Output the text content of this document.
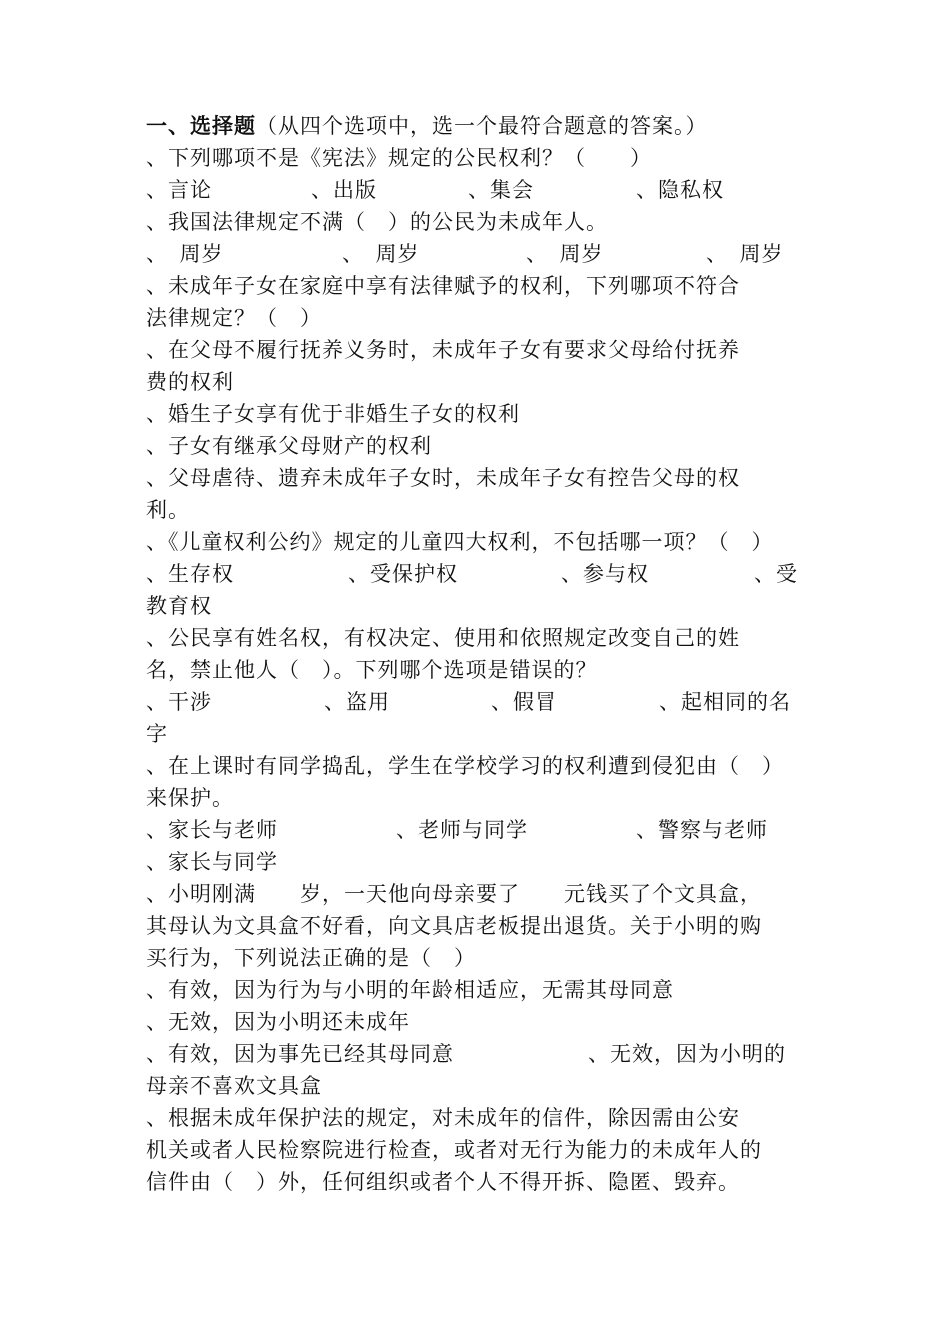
一、选择题（从四个选项中，选一个最符合题意的答案。）
、下列哪项不是《宪法》规定的公民权利？（　　）
、言论	、出版	、集会	、隐私权
、我国法律规定不满（　）的公民为未成年人。
、　周岁	、　周岁	、　周岁	、　周岁
、未成年子女在家庭中享有法律赋予的权利，下列哪项不符合
法律规定？（　）
、在父母不履行抚养义务时，未成年子女有要求父母给付抚养
费的权利
、婚生子女享有优于非婚生子女的权利
、子女有继承父母财产的权利
、父母虐待、遗弃未成年子女时，未成年子女有控告父母的权
利。
、《儿童权利公约》规定的儿童四大权利，不包括哪一项？（　）
、生存权	、受保护权	、参与权	、受
教育权
、公民享有姓名权，有权决定、使用和依照规定改变自己的姓
名，禁止他人（　）。下列哪个选项是错误的？
、干涉	、盗用	、假冒	、起相同的名
字
、在上课时有同学捣乱，学生在学校学习的权利遭到侵犯由（　）
来保护。
、家长与老师	、老师与同学	、警察与老师
、家长与同学
、小明刚满　　岁，一天他向母亲要了　　元钱买了个文具盒，
其母认为文具盒不好看，向文具店老板提出退货。关于小明的购
买行为，下列说法正确的是（　）
、有效，因为行为与小明的年龄相适应，无需其母同意
、无效，因为小明还未成年
、有效，因为事先已经其母同意	、无效，因为小明的
母亲不喜欢文具盒
、根据未成年保护法的规定，对未成年的信件，除因需由公安
机关或者人民检察院进行检查，或者对无行为能力的未成年人的
信件由（　）外，任何组织或者个人不得开拆、隐匿、毁弃。
